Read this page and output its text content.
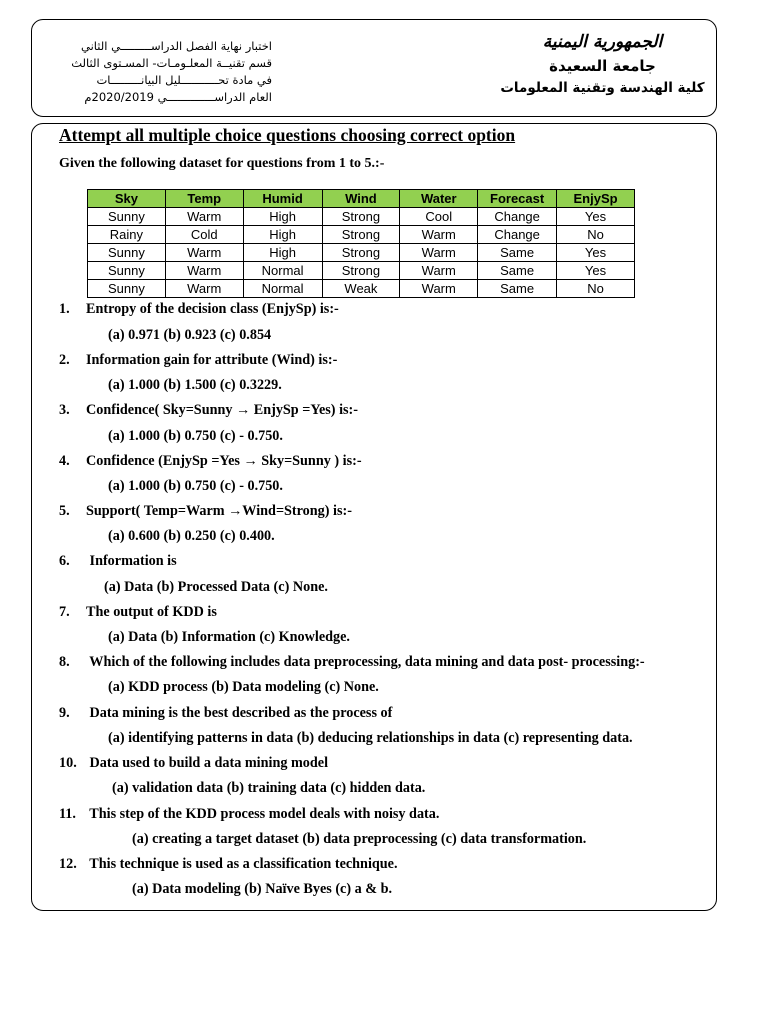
اختبار نهاية الفصل الدراســـــــــي الثاني
قسم تقنيــة المعلـومـات- المسـتوى الثالث
في مادة تحـــــــــــليل البيانـــــــــات
العام الدراســــــــــــــي 2020/2019م
الجمهورية اليمنية
جامعة السعيدة
كلية الهندسة وتقنية المعلومات
Attempt all multiple choice questions choosing correct option
Given the following dataset for questions from 1 to 5.:-
Sky	Temp	Humid	Wind	Water	Forecast	EnjySp
Sunny	Warm	High	Strong	Cool	Change	Yes
Rainy	Cold	High	Strong	Warm	Change	No
Sunny	Warm	High	Strong	Warm	Same	Yes
Sunny	Warm	Normal	Strong	Warm	Same	Yes
Sunny	Warm	Normal	Weak	Warm	Same	No
1. Entropy of the decision class (EnjySp) is:-
(a) 0.971 (b) 0.923 (c) 0.854
2. Information gain for attribute (Wind) is:-
(a) 1.000 (b) 1.500 (c) 0.3229.
3. Confidence( Sky=Sunny → EnjySp =Yes) is:-
(a) 1.000 (b) 0.750 (c) - 0.750.
4. Confidence (EnjySp =Yes → Sky=Sunny ) is:-
(a) 1.000 (b) 0.750 (c) - 0.750.
5. Support( Temp=Warm →Wind=Strong) is:-
(a) 0.600 (b) 0.250 (c) 0.400.
6. Information is
(a) Data (b) Processed Data (c) None.
7. The output of KDD is
(a) Data (b) Information (c) Knowledge.
8. Which of the following includes data preprocessing, data mining and data post- processing:-
(a) KDD process (b) Data modeling (c) None.
9. Data mining is the best described as the process of
(a) identifying patterns in data (b) deducing relationships in data (c) representing data.
10. Data used to build a data mining model
(a) validation data (b) training data (c) hidden data.
11. This step of the KDD process model deals with noisy data.
(a) creating a target dataset (b) data preprocessing (c) data transformation.
12. This technique is used as a classification technique.
(a) Data modeling (b) Naïve Byes (c) a & b.
